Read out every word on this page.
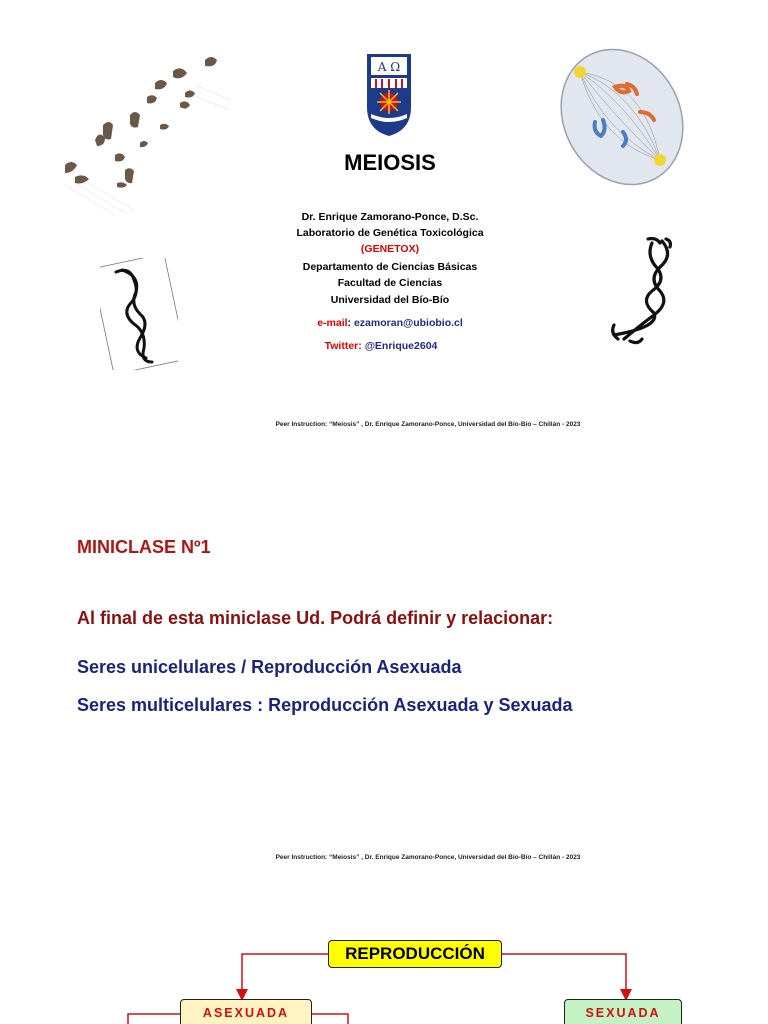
A Ω
MEIOSIS
Dr. Enrique Zamorano-Ponce, D.Sc.
Laboratorio de Genética Toxicológica
(GENETOX)
Departamento de Ciencias Básicas
Facultad de Ciencias
Universidad del Bío-Bío
e-mail: ezamoran@ubiobio.cl
Twitter: @Enrique2604
Peer Instruction: “Meiosis” , Dr. Enrique Zamorano-Ponce, Universidad del Bío-Bío – Chillán - 2023
MINICLASE Nº1
Al final de esta miniclase Ud. Podrá definir y relacionar:
Seres unicelulares / Reproducción Asexuada
Seres multicelulares : Reproducción Asexuada y Sexuada
Peer Instruction: “Meiosis” , Dr. Enrique Zamorano-Ponce, Universidad del Bío-Bío – Chillán - 2023
REPRODUCCIÓN
ASEXUADA	SEXUADA
